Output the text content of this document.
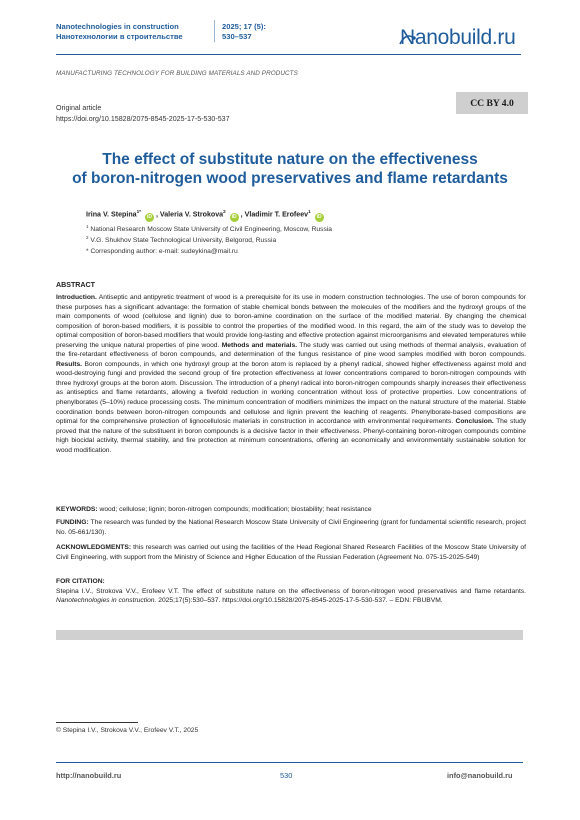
Nanotechnologies in construction
Нанотехнологии в строительстве
2025; 17 (5):
530–537	Nanobuild.ru
MANUFACTURING TECHNOLOGY FOR BUILDING MATERIALS AND PRODUCTS
Original article
https://doi.org/10.15828/2075-8545-2025-17-5-530-537
CC BY 4.0
The effect of substitute nature on the effectiveness
of boron-nitrogen wood preservatives and flame retardants
Irina V. Stepina$^{1*}$ iD , Valeria V. Strokova$^2$ iD , Vladimir T. Erofeev$^1$ iD
$^1$ National Research Moscow State University of Civil Engineering, Moscow, Russia
$^2$ V.G. Shukhov State Technological University, Belgorod, Russia
* Corresponding author: e-mail: sudeykina@mail.ru
ABSTRACT
Introduction. Antiseptic and antipyretic treatment of wood is a prerequisite for its use in modern construction technologies. The use of boron compounds for these purposes has a significant advantage: the formation of stable chemical bonds between the molecules of the modifiers and the hydroxyl groups of the main components of wood (cellulose and lignin) due to boron-amine coordination on the surface of the modified material. By changing the chemical composition of boron-based modifiers, it is possible to control the properties of the modified wood. In this regard, the aim of the study was to develop the optimal composition of boron-based modifiers that would provide long-lasting and effective protection against microorganisms and elevated temperatures while preserving the unique natural properties of pine wood. Methods and materials. The study was carried out using methods of thermal analysis, evaluation of the fire-retardant effectiveness of boron compounds, and determination of the fungus resistance of pine wood samples modified with boron compounds. Results. Boron compounds, in which one hydroxyl group at the boron atom is replaced by a phenyl radical, showed higher effectiveness against mold and wood-destroying fungi and provided the second group of fire protection effectiveness at lower concentrations compared to boron-nitrogen compounds with three hydroxyl groups at the boron atom. Discussion. The introduction of a phenyl radical into boron-nitrogen compounds sharply increases their effectiveness as antiseptics and flame retardants, allowing a fivefold reduction in working concentration without loss of protective properties. Low concentrations of phenylborates (5–10%) reduce processing costs. The minimum concentration of modifiers minimizes the impact on the natural structure of the material. Stable coordination bonds between boron-nitrogen compounds and cellulose and lignin prevent the leaching of reagents. Phenylborate-based compositions are optimal for the comprehensive protection of lignocellulosic materials in construction in accordance with environmental requirements. Conclusion. The study proved that the nature of the substituent in boron compounds is a decisive factor in their effectiveness. Phenyl-containing boron-nitrogen compounds combine high biocidal activity, thermal stability, and fire protection at minimum concentrations, offering an economically and environmentally sustainable solution for wood modification.
KEYWORDS: wood; cellulose; lignin; boron-nitrogen compounds; modification; biostability; heat resistance
FUNDING: The research was funded by the National Research Moscow State University of Civil Engineering (grant for fundamental scientific research, project No. 05-661/130).
ACKNOWLEDGMENTS: this research was carried out using the facilities of the Head Regional Shared Research Facilities of the Moscow State University of Civil Engineering, with support from the Ministry of Science and Higher Education of the Russian Federation (Agreement No. 075-15-2025-549)
FOR CITATION:
Stepina I.V., Strokova V.V., Erofeev V.T. The effect of substitute nature on the effectiveness of boron-nitrogen wood preservatives and flame retardants. Nanotechnologies in construction. 2025;17(5):530–537. https://doi.org/10.15828/2075-8545-2025-17-5-530-537. – EDN: FBUBVM.
© Stepina I.V., Strokova V.V., Erofeev V.T., 2025
http://nanobuild.ru	530	info@nanobuild.ru
